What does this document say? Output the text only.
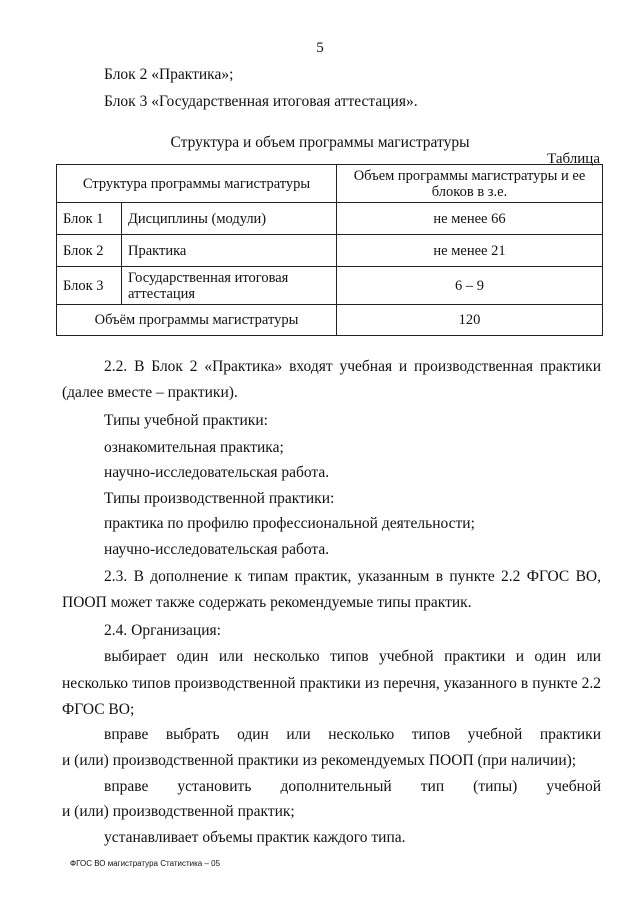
5
Блок 2 «Практика»;
Блок 3 «Государственная итоговая аттестация».
Структура и объем программы магистратуры
Таблица
Структура программы магистратуры		Объем программы магистратуры и ее блоков в з.е.
Блок 1	Дисциплины (модули)	не менее 66
Блок 2	Практика	не менее 21
Блок 3	Государственная итоговая аттестация	6 – 9
Объём программы магистратуры		120
2.2. В Блок 2 «Практика» входят учебная и производственная практики
(далее вместе – практики).
Типы учебной практики:
ознакомительная практика;
научно-исследовательская работа.
Типы производственной практики:
практика по профилю профессиональной деятельности;
научно-исследовательская работа.
2.3. В дополнение к типам практик, указанным в пункте 2.2 ФГОС ВО,
ПООП может также содержать рекомендуемые типы практик.
2.4. Организация:
выбирает один или несколько типов учебной практики и один или
несколько типов производственной практики из перечня, указанного в пункте 2.2
ФГОС ВО;
вправе выбрать один или несколько типов учебной практики
и (или) производственной практики из рекомендуемых ПООП (при наличии);
вправе установить дополнительный тип (типы) учебной
и (или) производственной практик;
устанавливает объемы практик каждого типа.
ФГОС ВО магистратура Статистика – 05
